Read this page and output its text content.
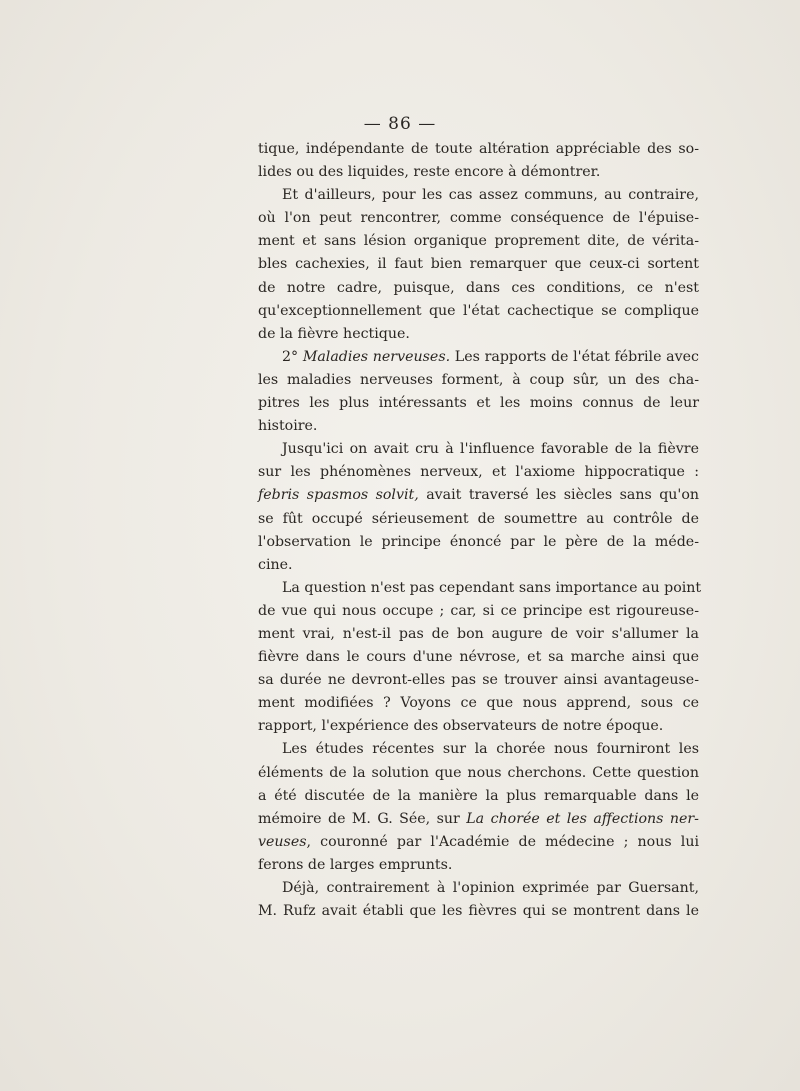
— 86 —
tique, indépendante de toute altération appréciable des so-
lides ou des liquides, reste encore à démontrer.
Et d'ailleurs, pour les cas assez communs, au contraire,
où l'on peut rencontrer, comme conséquence de l'épuise-
ment et sans lésion organique proprement dite, de vérita-
bles cachexies, il faut bien remarquer que ceux-ci sortent
de notre cadre, puisque, dans ces conditions, ce n'est
qu'exceptionnellement que l'état cachectique se complique
de la fièvre hectique.
2° Maladies nerveuses. Les rapports de l'état fébrile avec
les maladies nerveuses forment, à coup sûr, un des cha-
pitres les plus intéressants et les moins connus de leur
histoire.
Jusqu'ici on avait cru à l'influence favorable de la fièvre
sur les phénomènes nerveux, et l'axiome hippocratique :
febris spasmos solvit, avait traversé les siècles sans qu'on
se fût occupé sérieusement de soumettre au contrôle de
l'observation le principe énoncé par le père de la méde-
cine.
La question n'est pas cependant sans importance au point
de vue qui nous occupe ; car, si ce principe est rigoureuse-
ment vrai, n'est-il pas de bon augure de voir s'allumer la
fièvre dans le cours d'une névrose, et sa marche ainsi que
sa durée ne devront-elles pas se trouver ainsi avantageuse-
ment modifiées ? Voyons ce que nous apprend, sous ce
rapport, l'expérience des observateurs de notre époque.
Les études récentes sur la chorée nous fourniront les
éléments de la solution que nous cherchons. Cette question
a été discutée de la manière la plus remarquable dans le
mémoire de M. G. Sée, sur La chorée et les affections ner-
veuses, couronné par l'Académie de médecine ; nous lui
ferons de larges emprunts.
Déjà, contrairement à l'opinion exprimée par Guersant,
M. Rufz avait établi que les fièvres qui se montrent dans le
